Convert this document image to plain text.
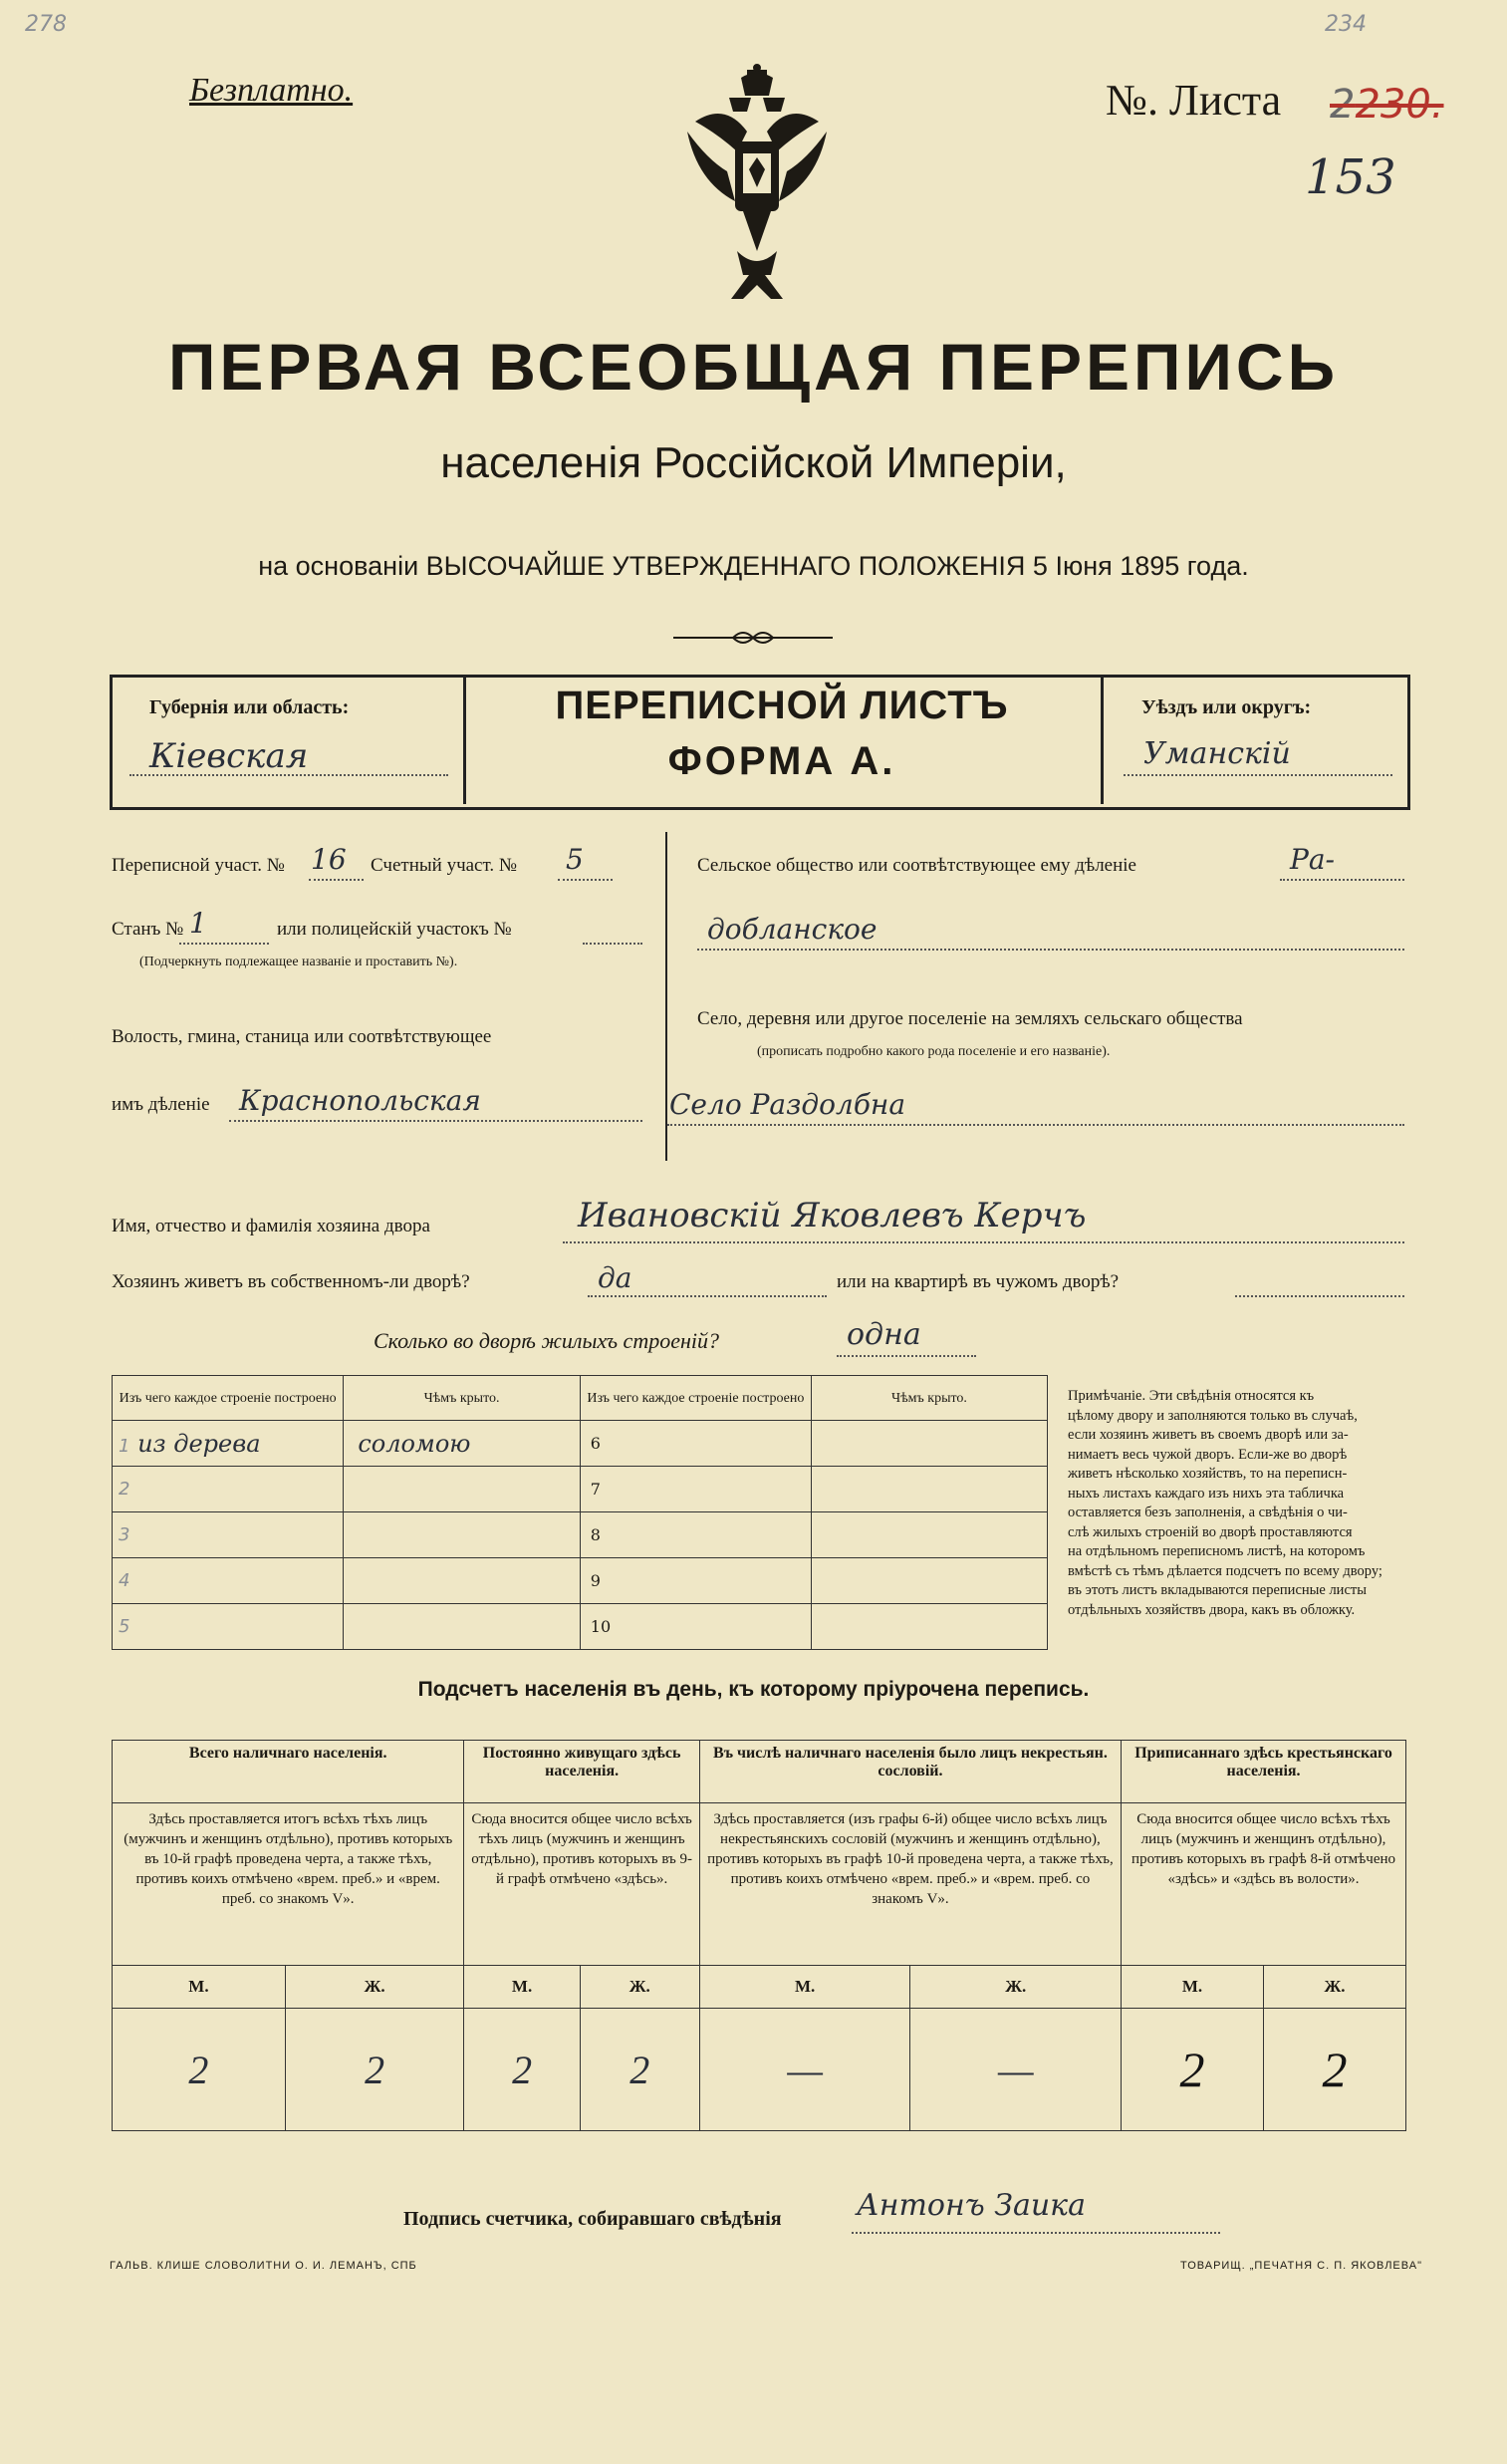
278	234
Безплатно.	№. Листа 2230.
153
ПЕРВАЯ ВСЕОБЩАЯ ПЕРЕПИСЬ
населенія Россійской Имперіи,
на основаніи ВЫСОЧАЙШЕ УТВЕРЖДЕННАГО ПОЛОЖЕНІЯ 5 Іюня 1895 года.
Губернія или область:
Кіевская
ПЕРЕПИСНОЙ ЛИСТЪ
ФОРМА А.
Уѣздъ или округъ:
Уманскій
Переписной участ. № 16 Счетный участ. № 5
Станъ № 1	или полицейскій участокъ №
(Подчеркнуть подлежащее названіе и проставить №).
Волость, гмина, станица или соотвѣтствующее
имъ дѣленіе Краснопольская
Сельское общество или соотвѣтствующее ему дѣленіе	Ра-
добланское
Село, деревня или другое поселеніе на земляхъ сельскаго общества
(прописать подробно какого рода поселеніе и его названіе).
Село Раздолбна
Имя, отчество и фамилія хозяина двора	Ивановскій Яковлевъ Керчъ
Хозяинъ живетъ въ собственномъ-ли дворѣ?	да	или на квартирѣ въ чужомъ дворѣ?
Сколько во дворѣ жилыхъ строеній?	одна
Изъ чего каждое строеніе построено	Чѣмъ крыто.	Изъ чего каждое строеніе построено	Чѣмъ крыто.
1 из дерева	соломою	6	
2		7	
3		8	
4		9	
5		10	
Примѣчаніе. Эти свѣдѣнія относятся къ
цѣлому двору и заполняются только въ случаѣ,
если хозяинъ живетъ въ своемъ дворѣ или за-
нимаетъ весь чужой дворъ. Если-же во дворѣ
живетъ нѣсколько хозяйствъ, то на переписн-
ныхъ листахъ каждаго изъ нихъ эта табличка
оставляется безъ заполненія, а свѣдѣнія о чи-
слѣ жилыхъ строеній во дворѣ проставляются
на отдѣльномъ переписномъ листѣ, на которомъ
вмѣстѣ съ тѣмъ дѣлается подсчетъ по всему двору;
въ этотъ листъ вкладываются переписные листы
отдѣльныхъ хозяйствъ двора, какъ въ обложку.
Подсчетъ населенія въ день, къ которому пріурочена перепись.
Всего наличнаго населенія.		Постоянно живущаго здѣсь населенія.		Въ числѣ наличнаго населенія было лицъ некрестьян. сословій.		Приписаннаго здѣсь крестьянскаго населенія.	
Здѣсь проставляется итогъ всѣхъ тѣхъ лицъ (мужчинъ и женщинъ отдѣльно), противъ которыхъ въ 10-й графѣ проведена черта, а также тѣхъ, противъ коихъ отмѣчено «врем. преб.» и «врем. преб. со знакомъ V».		Сюда вносится общее число всѣхъ тѣхъ лицъ (мужчинъ и женщинъ отдѣльно), противъ которыхъ въ 9-й графѣ отмѣчено «здѣсь».		Здѣсь проставляется (изъ графы 6-й) общее число всѣхъ лицъ некрестьянскихъ сословій (мужчинъ и женщинъ отдѣльно), противъ которыхъ въ графѣ 10-й проведена черта, а также тѣхъ, противъ коихъ отмѣчено «врем. преб.» и «врем. преб. со знакомъ V».		Сюда вносится общее число всѣхъ тѣхъ лицъ (мужчинъ и женщинъ отдѣльно), противъ которыхъ въ графѣ 8-й отмѣчено «здѣсь» и «здѣсь въ волости».	
М.	Ж.	М.	Ж.	М.	Ж.	М.	Ж.
2	2	2	2	—	—	2	2
Подпись счетчика, собиравшаго свѣдѣнія	Антонъ Заика
ГАЛЬВ. КЛИШЕ СЛОВОЛИТНИ О. И. ЛЕМАНЪ, СПБ	ТОВАРИЩ. „ПЕЧАТНЯ С. П. ЯКОВЛЕВА"
